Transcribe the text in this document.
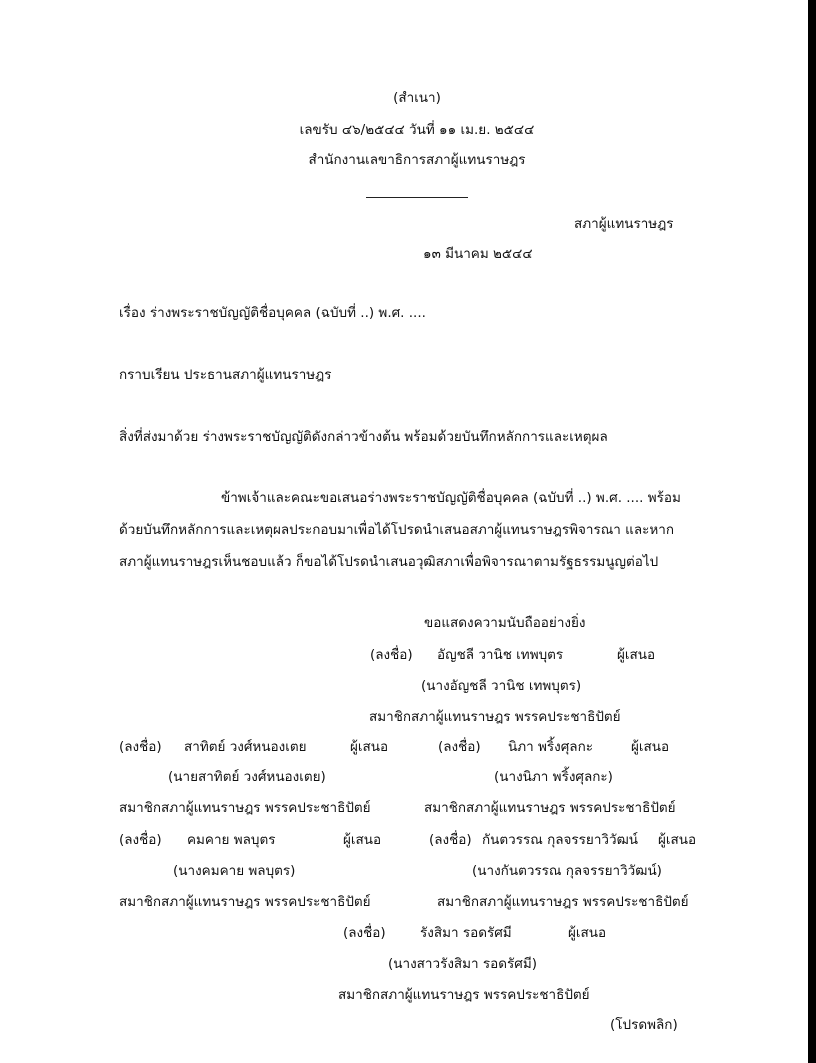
(สำเนา)
เลขรับ ๔๖/๒๕๔๔ วันที่ ๑๑ เม.ย. ๒๕๔๔
สำนักงานเลขาธิการสภาผู้แทนราษฎร
สภาผู้แทนราษฎร
๑๓ มีนาคม ๒๕๔๔
เรื่อง ร่างพระราชบัญญัติชื่อบุคคล (ฉบับที่ ..) พ.ศ. ....
กราบเรียน ประธานสภาผู้แทนราษฎร
สิ่งที่ส่งมาด้วย ร่างพระราชบัญญัติดังกล่าวข้างต้น พร้อมด้วยบันทึกหลักการและเหตุผล
ข้าพเจ้าและคณะขอเสนอร่างพระราชบัญญัติชื่อบุคคล (ฉบับที่ ..) พ.ศ. .... พร้อม
ด้วยบันทึกหลักการและเหตุผลประกอบมาเพื่อได้โปรดนำเสนอสภาผู้แทนราษฎรพิจารณา และหาก
สภาผู้แทนราษฎรเห็นชอบแล้ว ก็ขอได้โปรดนำเสนอวุฒิสภาเพื่อพิจารณาตามรัฐธรรมนูญต่อไป
ขอแสดงความนับถืออย่างยิ่ง
(ลงชื่อ) อัญชลี วานิช เทพบุตร	ผู้เสนอ
(นางอัญชลี วานิช เทพบุตร)
สมาชิกสภาผู้แทนราษฎร พรรคประชาธิปัตย์
(ลงชื่อ) สาทิตย์ วงศ์หนองเตย	ผู้เสนอ	(ลงชื่อ) นิภา พริ้งศุลกะ	ผู้เสนอ
(นายสาทิตย์ วงศ์หนองเตย)	(นางนิภา พริ้งศุลกะ)
สมาชิกสภาผู้แทนราษฎร พรรคประชาธิปัตย์	สมาชิกสภาผู้แทนราษฎร พรรคประชาธิปัตย์
(ลงชื่อ) คมคาย พลบุตร	ผู้เสนอ	(ลงชื่อ) กันตวรรณ กุลจรรยาวิวัฒน์ ผู้เสนอ
(นางคมคาย พลบุตร)	(นางกันตวรรณ กุลจรรยาวิวัฒน์)
สมาชิกสภาผู้แทนราษฎร พรรคประชาธิปัตย์	สมาชิกสภาผู้แทนราษฎร พรรคประชาธิปัตย์
(ลงชื่อ)	รังสิมา รอดรัศมี	ผู้เสนอ
(นางสาวรังสิมา รอดรัศมี)
สมาชิกสภาผู้แทนราษฎร พรรคประชาธิปัตย์
(โปรดพลิก)
